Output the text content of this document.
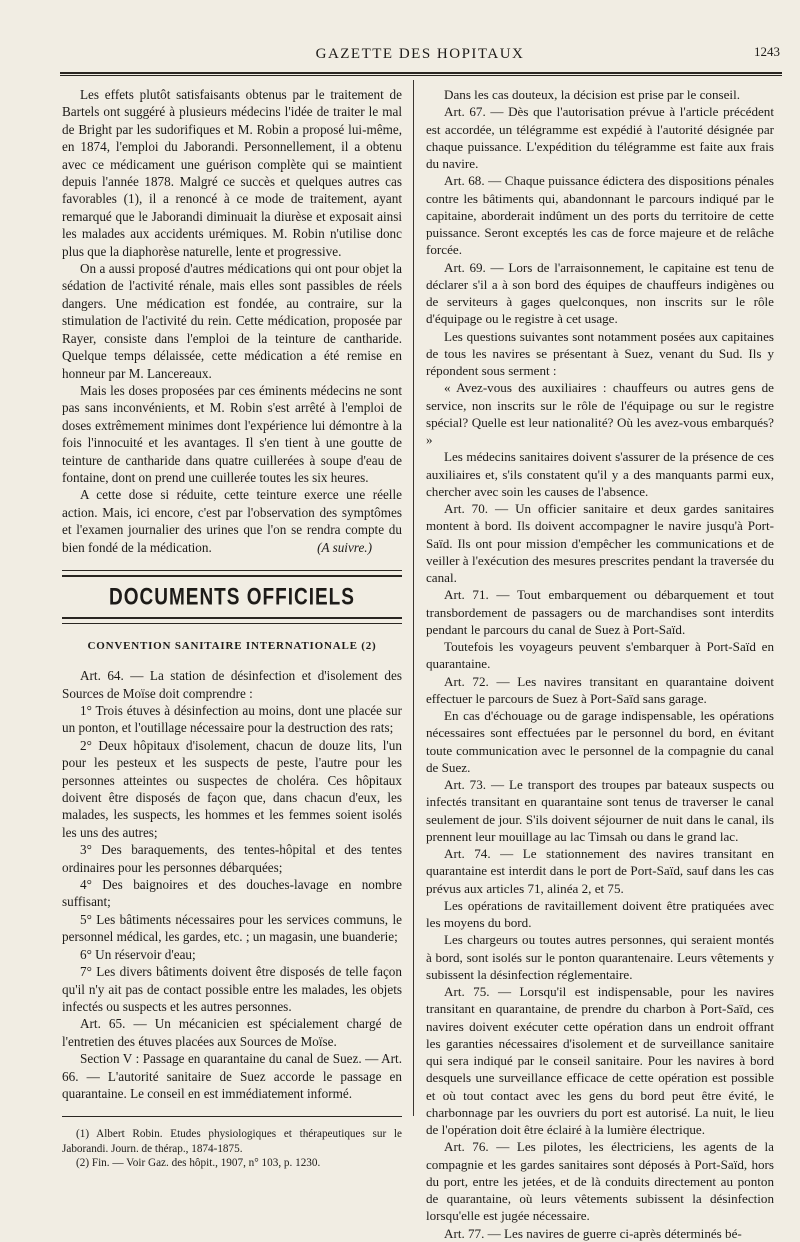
GAZETTE DES HOPITAUX	1243

Les effets plutôt satisfaisants obtenus par le traitement de Bartels ont suggéré à plusieurs médecins l'idée de traiter le mal de Bright par les sudorifiques et M. Robin a proposé lui-même, en 1874, l'emploi du Jaborandi. Personnellement, il a obtenu avec ce médicament une guérison complète qui se maintient depuis l'année 1878. Malgré ce succès et quelques autres cas favorables (1), il a renoncé à ce mode de traitement, ayant remarqué que le Jaborandi diminuait la diurèse et exposait ainsi les malades aux accidents urémiques. M. Robin n'utilise donc plus que la diaphorèse naturelle, lente et progressive.

On a aussi proposé d'autres médications qui ont pour objet la sédation de l'activité rénale, mais elles sont passibles de réels dangers. Une médication est fondée, au contraire, sur la stimulation de l'activité du rein. Cette médication, proposée par Rayer, consiste dans l'emploi de la teinture de cantharide. Quelque temps délaissée, cette médication a été remise en honneur par M. Lancereaux.

Mais les doses proposées par ces éminents médecins ne sont pas sans inconvénients, et M. Robin s'est arrêté à l'emploi de doses extrêmement minimes dont l'expérience lui démontre à la fois l'innocuité et les avantages. Il s'en tient à une goutte de teinture de cantharide dans quatre cuillerées à soupe d'eau de fontaine, dont on prend une cuillerée toutes les six heures.

A cette dose si réduite, cette teinture exerce une réelle action. Mais, ici encore, c'est par l'observation des symptômes et l'examen journalier des urines que l'on se rendra compte du bien fondé de la médication.	(A suivre.)
DOCUMENTS OFFICIELS
CONVENTION SANITAIRE INTERNATIONALE (2)

Art. 64. — La station de désinfection et d'isolement des Sources de Moïse doit comprendre :

1° Trois étuves à désinfection au moins, dont une placée sur un ponton, et l'outillage nécessaire pour la destruction des rats;

2° Deux hôpitaux d'isolement, chacun de douze lits, l'un pour les pesteux et les suspects de peste, l'autre pour les personnes atteintes ou suspectes de choléra. Ces hôpitaux doivent être disposés de façon que, dans chacun d'eux, les malades, les suspects, les hommes et les femmes soient isolés les uns des autres;

3° Des baraquements, des tentes-hôpital et des tentes ordinaires pour les personnes débarquées;

4° Des baignoires et des douches-lavage en nombre suffisant;

5° Les bâtiments nécessaires pour les services communs, le personnel médical, les gardes, etc. ; un magasin, une buanderie;

6° Un réservoir d'eau;

7° Les divers bâtiments doivent être disposés de telle façon qu'il n'y ait pas de contact possible entre les malades, les objets infectés ou suspects et les autres personnes.

Art. 65. — Un mécanicien est spécialement chargé de l'entretien des étuves placées aux Sources de Moïse.

Section V : Passage en quarantaine du canal de Suez. — Art. 66. — L'autorité sanitaire de Suez accorde le passage en quarantaine. Le conseil en est immédiatement informé.

(1) Albert Robin. Etudes physiologiques et thérapeutiques sur le Jaborandi. Journ. de thérap., 1874-1875.

(2) Fin. — Voir Gaz. des hôpit., 1907, n° 103, p. 1230.

Dans les cas douteux, la décision est prise par le conseil.

Art. 67. — Dès que l'autorisation prévue à l'article précédent est accordée, un télégramme est expédié à l'autorité désignée par chaque puissance. L'expédition du télégramme est faite aux frais du navire.

Art. 68. — Chaque puissance édictera des dispositions pénales contre les bâtiments qui, abandonnant le parcours indiqué par le capitaine, aborderait indûment un des ports du territoire de cette puissance. Seront exceptés les cas de force majeure et de relâche forcée.

Art. 69. — Lors de l'arraisonnement, le capitaine est tenu de déclarer s'il a à son bord des équipes de chauffeurs indigènes ou de serviteurs à gages quelconques, non inscrits sur le rôle d'équipage ou le registre à cet usage.

Les questions suivantes sont notamment posées aux capitaines de tous les navires se présentant à Suez, venant du Sud. Ils y répondent sous serment :

« Avez-vous des auxiliaires : chauffeurs ou autres gens de service, non inscrits sur le rôle de l'équipage ou sur le registre spécial? Quelle est leur nationalité? Où les avez-vous embarqués? »

Les médecins sanitaires doivent s'assurer de la présence de ces auxiliaires et, s'ils constatent qu'il y a des manquants parmi eux, chercher avec soin les causes de l'absence.

Art. 70. — Un officier sanitaire et deux gardes sanitaires montent à bord. Ils doivent accompagner le navire jusqu'à Port-Saïd. Ils ont pour mission d'empêcher les communications et de veiller à l'exécution des mesures prescrites pendant la traversée du canal.

Art. 71. — Tout embarquement ou débarquement et tout transbordement de passagers ou de marchandises sont interdits pendant le parcours du canal de Suez à Port-Saïd.

Toutefois les voyageurs peuvent s'embarquer à Port-Saïd en quarantaine.

Art. 72. — Les navires transitant en quarantaine doivent effectuer le parcours de Suez à Port-Saïd sans garage.

En cas d'échouage ou de garage indispensable, les opérations nécessaires sont effectuées par le personnel du bord, en évitant toute communication avec le personnel de la compagnie du canal de Suez.

Art. 73. — Le transport des troupes par bateaux suspects ou infectés transitant en quarantaine sont tenus de traverser le canal seulement de jour. S'ils doivent séjourner de nuit dans le canal, ils prennent leur mouillage au lac Timsah ou dans le grand lac.

Art. 74. — Le stationnement des navires transitant en quarantaine est interdit dans le port de Port-Saïd, sauf dans les cas prévus aux articles 71, alinéa 2, et 75.

Les opérations de ravitaillement doivent être pratiquées avec les moyens du bord.

Les chargeurs ou toutes autres personnes, qui seraient montés à bord, sont isolés sur le ponton quarantenaire. Leurs vêtements y subissent la désinfection réglementaire.

Art. 75. — Lorsqu'il est indispensable, pour les navires transitant en quarantaine, de prendre du charbon à Port-Saïd, ces navires doivent exécuter cette opération dans un endroit offrant les garanties nécessaires d'isolement et de surveillance sanitaire qui sera indiqué par le conseil sanitaire. Pour les navires à bord desquels une surveillance efficace de cette opération est possible et où tout contact avec les gens du bord peut être évité, le charbonnage par les ouvriers du port est autorisé. La nuit, le lieu de l'opération doit être éclairé à la lumière électrique.

Art. 76. — Les pilotes, les électriciens, les agents de la compagnie et les gardes sanitaires sont déposés à Port-Saïd, hors du port, entre les jetées, et de là conduits directement au ponton de quarantaine, où leurs vêtements subissent la désinfection lorsqu'elle est jugée nécessaire.

Art. 77. — Les navires de guerre ci-après déterminés bé-
